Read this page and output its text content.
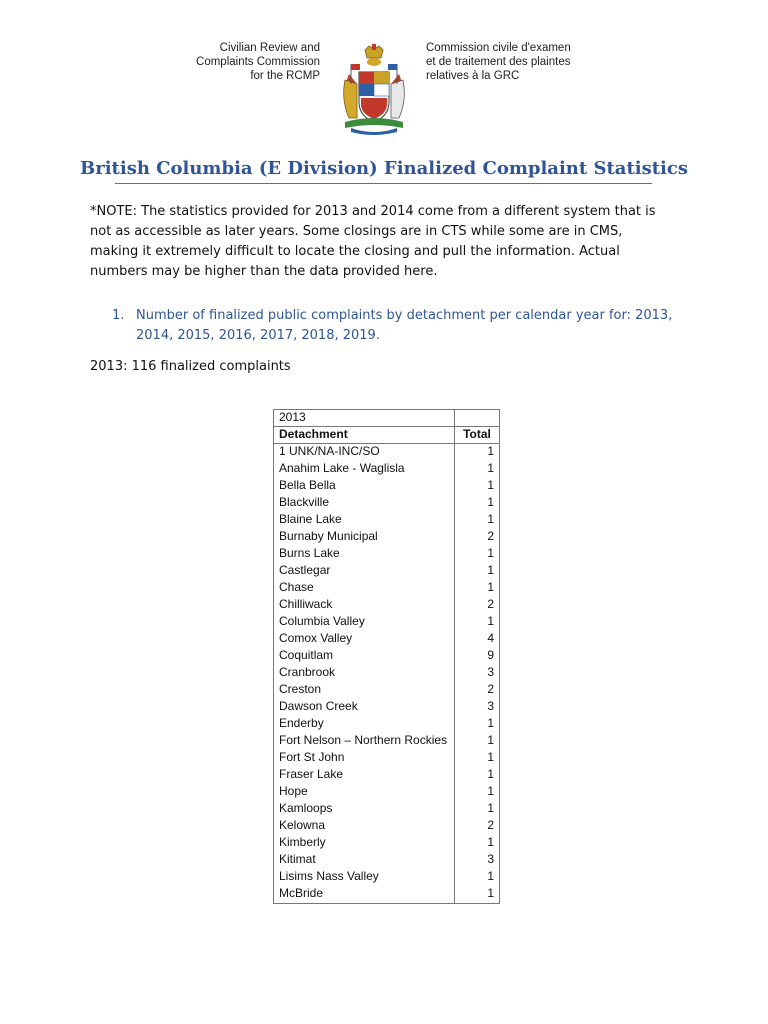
Civilian Review and
Complaints Commission
for the RCMP
Commission civile d'examen
et de traitement des plaintes
relatives à la GRC
British Columbia (E Division) Finalized Complaint Statistics

*NOTE: The statistics provided for 2013 and 2014 come from a different system that is not as accessible as later years. Some closings are in CTS while some are in CMS, making it extremely difficult to locate the closing and pull the information. Actual numbers may be higher than the data provided here.

1. Number of finalized public complaints by detachment per calendar year for: 2013, 2014, 2015, 2016, 2017, 2018, 2019.

2013: 116 finalized complaints
2013	
Detachment	Total
1 UNK/NA-INC/SO	1
Anahim Lake - Waglisla	1
Bella Bella	1
Blackville	1
Blaine Lake	1
Burnaby Municipal	2
Burns Lake	1
Castlegar	1
Chase	1
Chilliwack	2
Columbia Valley	1
Comox Valley	4
Coquitlam	9
Cranbrook	3
Creston	2
Dawson Creek	3
Enderby	1
Fort Nelson – Northern Rockies	1
Fort St John	1
Fraser Lake	1
Hope	1
Kamloops	1
Kelowna	2
Kimberly	1
Kitimat	3
Lisims Nass Valley	1
McBride	1
